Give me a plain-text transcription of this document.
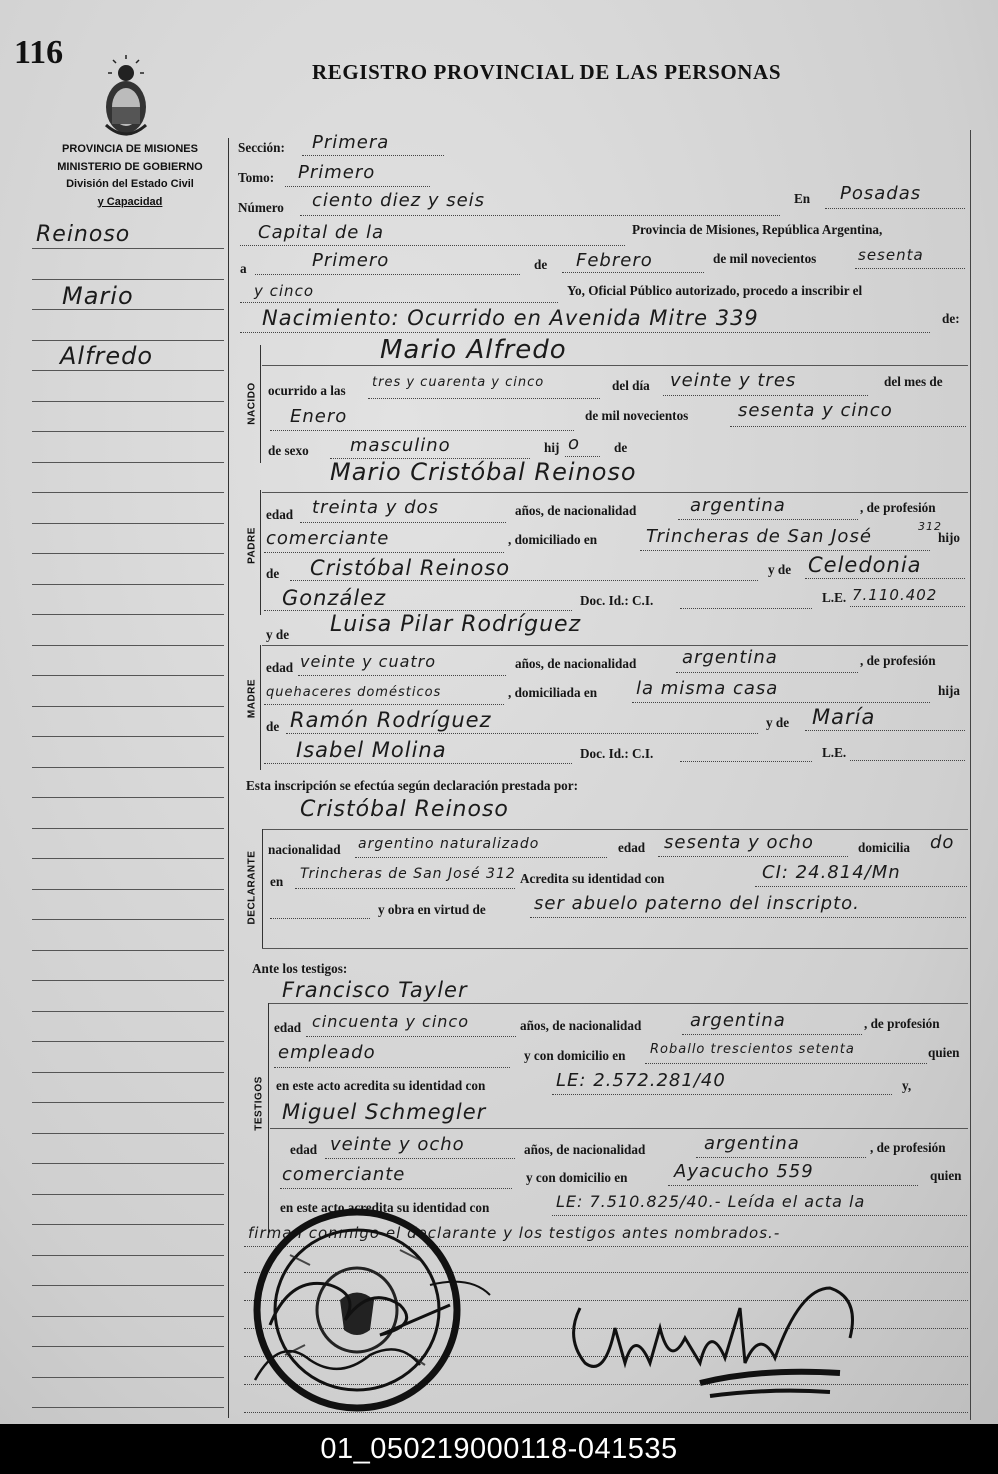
116
REGISTRO PROVINCIAL DE LAS PERSONAS
PROVINCIA DE MISIONES
MINISTERIO DE GOBIERNO
División del Estado Civil
y Capacidad
Reinoso
Mario
Alfredo
Sección: Primera
Tomo: Primero
Número ciento diez y seis	En Posadas
Capital de la	Provincia de Misiones, República Argentina,
a	Primero	de Febrero	de mil novecientos	sesenta
y cinco	Yo, Oficial Público autorizado, procedo a inscribir el
Nacimiento: Ocurrido en Avenida Mitre 339	de:
NACIDO
Mario Alfredo
ocurrido a las
tres y cuarenta y cinco	del día veinte y tres	del mes de
Enero	de mil novecientos	sesenta y cinco
de sexo masculino	hij o	de
PADRE
Mario Cristóbal Reinoso
edad treinta y dos	años, de nacionalidad	argentina	, de profesión
comerciante	, domiciliado en	Trincheras de San José	312
hijo
de Cristóbal Reinoso	y de Celedonia
González	Doc. Id.: C.I.	L.E. 7.110.402
MADRE
y de Luisa Pilar Rodríguez
edad veinte y cuatro	años, de nacionalidad	argentina	, de profesión
quehaceres domésticos	, domiciliada en la misma casa	hija
de Ramón Rodríguez	y de María
Isabel Molina	Doc. Id.: C.I.	L.E.
Esta inscripción se efectúa según declaración prestada por:
Cristóbal Reinoso
DECLARANTE
nacionalidad argentino naturalizado	edad sesenta y ocho	domicilia do
en Trincheras de San José 312 Acredita su identidad con	CI: 24.814/Mn
y obra en virtud de	ser abuelo paterno del inscripto.
Ante los testigos:
Francisco Tayler
TESTIGOS
edad cincuenta y cinco	años, de nacionalidad	argentina	, de profesión
empleado	y con domicilio en Roballo trescientos setenta	quien
en este acto acredita su identidad con	LE: 2.572.281/40	y,
Miguel Schmegler
edad veinte y ocho	años, de nacionalidad	argentina	, de profesión
comerciante	y con domicilio en	Ayacucho 559	quien
en este acto acredita su identidad con	LE: 7.510.825/40.- Leída el acta la
firman conmigo el declarante y los testigos antes nombrados.-
01_050219000118-041535
